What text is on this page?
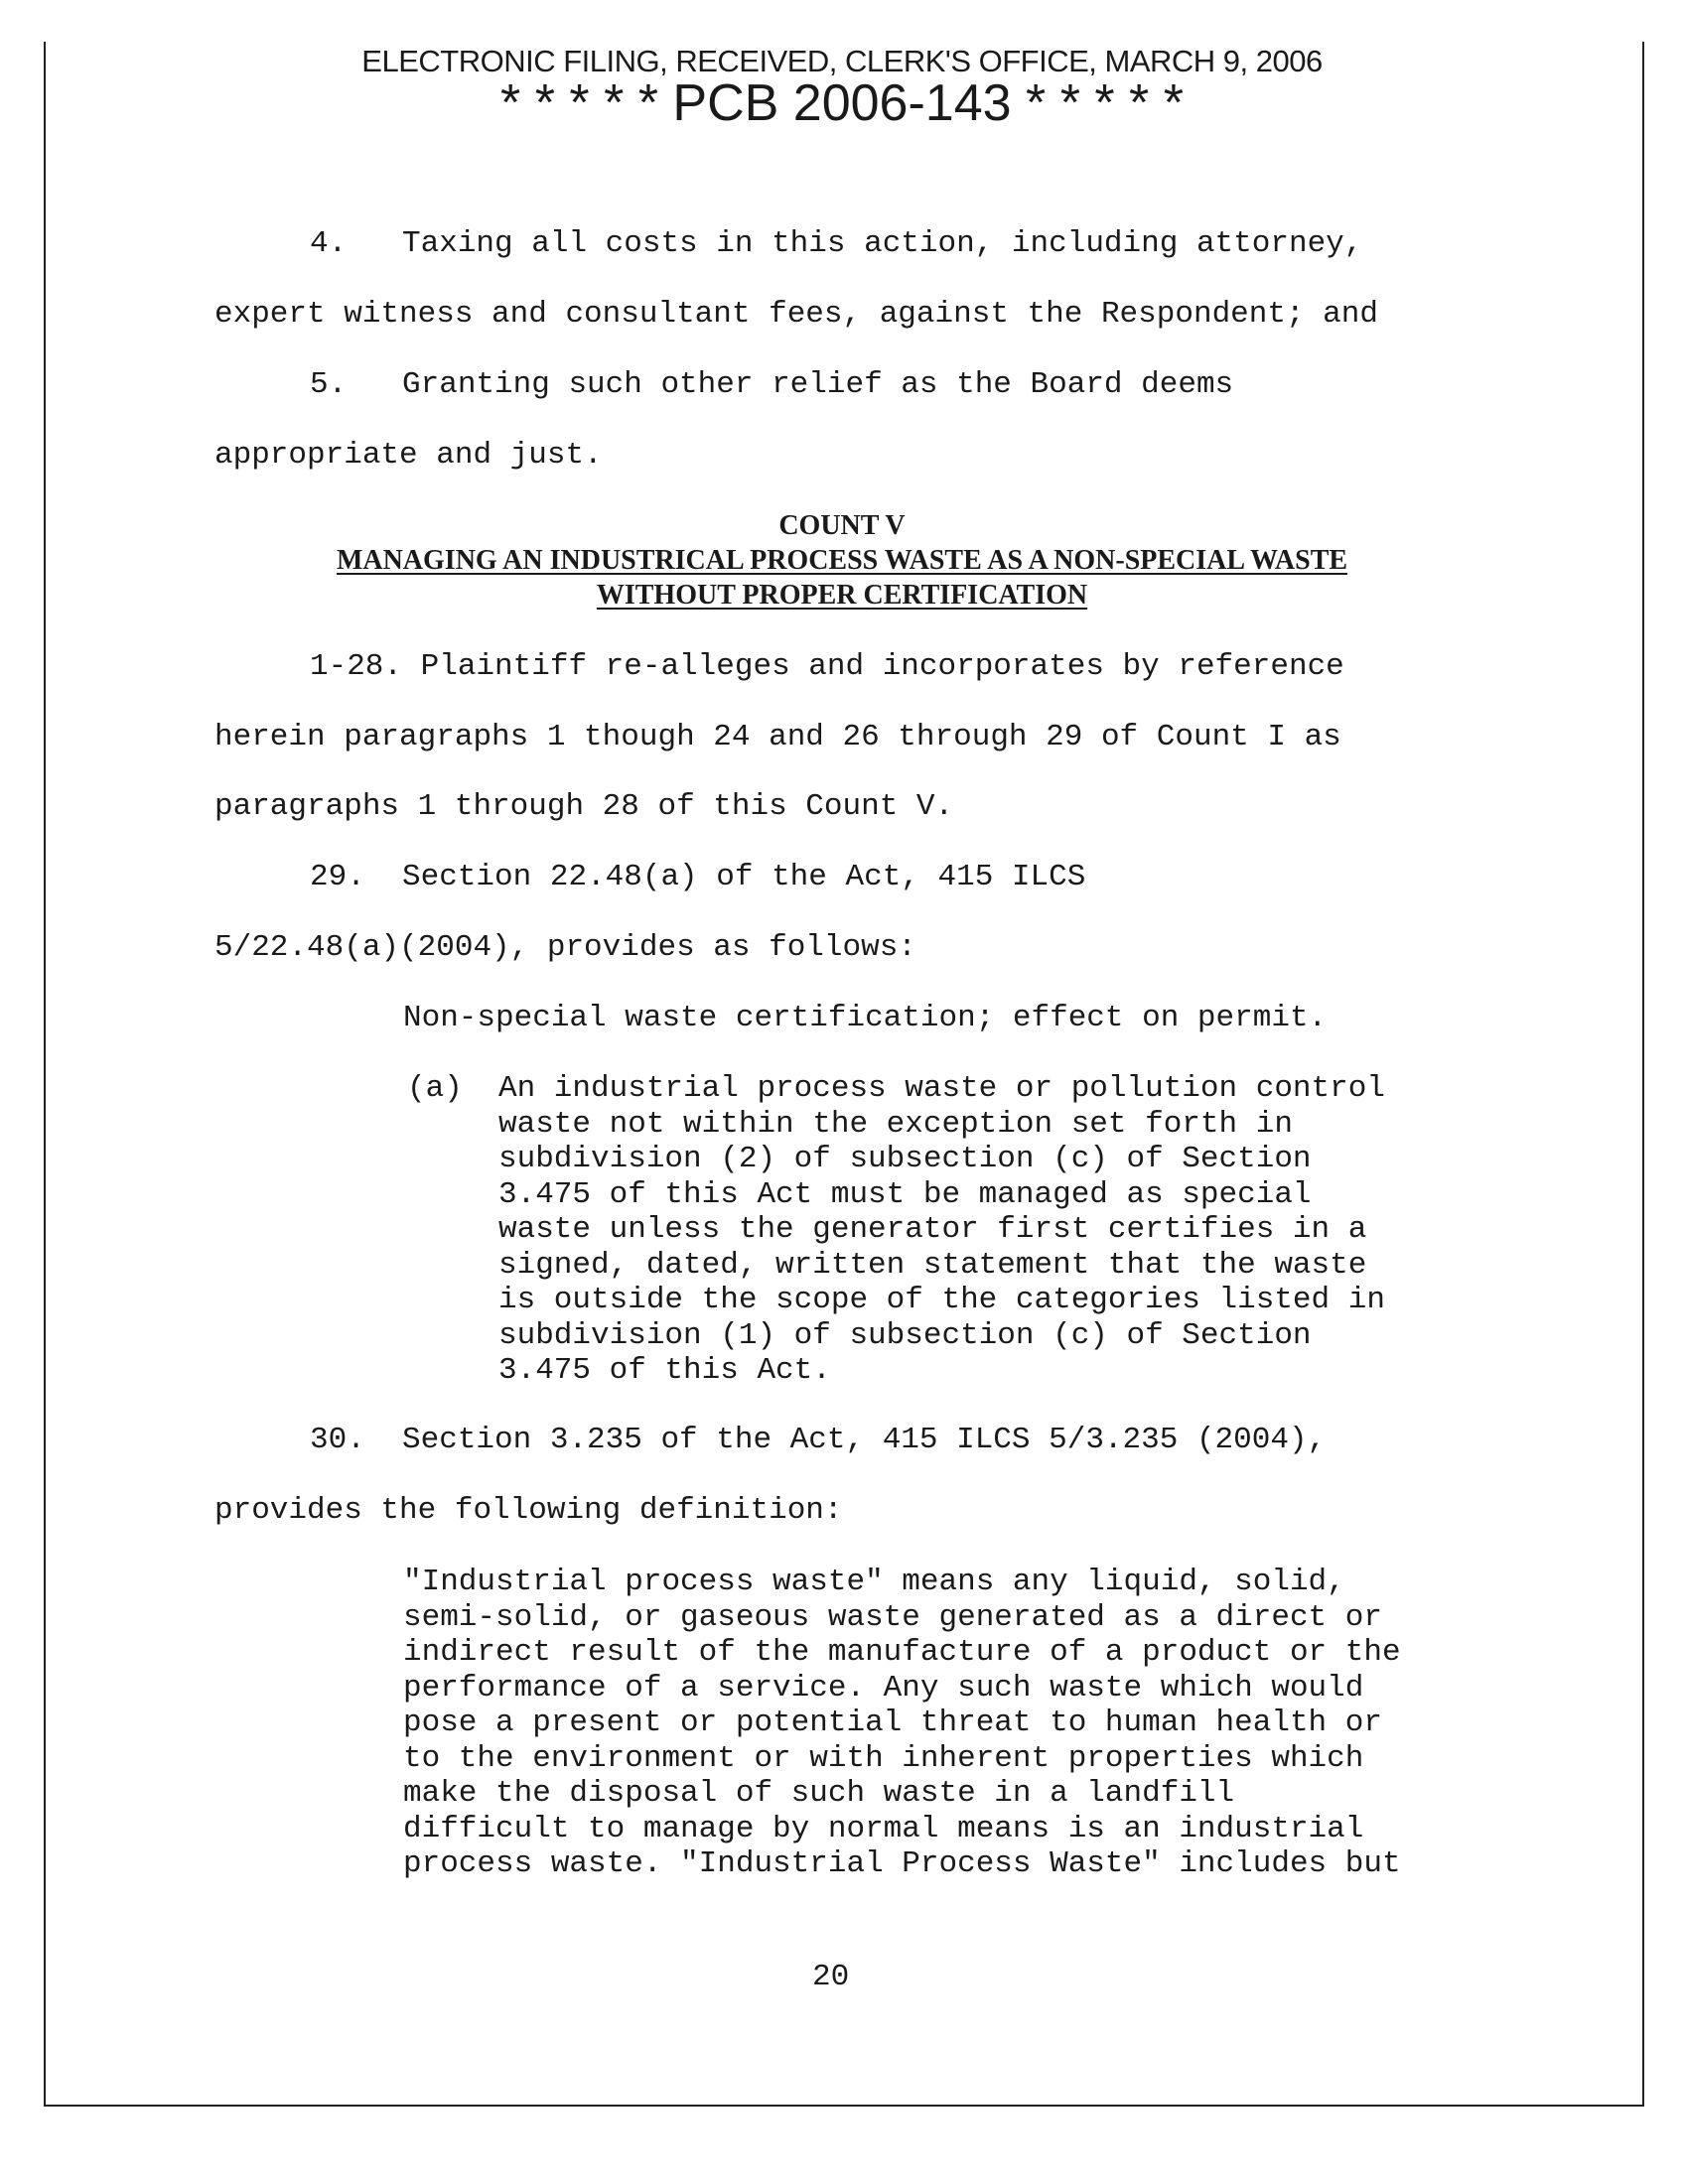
ELECTRONIC FILING, RECEIVED, CLERK'S OFFICE, MARCH 9, 2006
* * * * * PCB 2006-143 * * * * *
4.   Taxing all costs in this action, including attorney,
expert witness and consultant fees, against the Respondent; and
5.   Granting such other relief as the Board deems
appropriate and just.
COUNT V
MANAGING AN INDUSTRICAL PROCESS WASTE AS A NON-SPECIAL WASTE
WITHOUT PROPER CERTIFICATION
1-28. Plaintiff re-alleges and incorporates by reference
herein paragraphs 1 though 24 and 26 through 29 of Count I as
paragraphs 1 through 28 of this Count V.
29.  Section 22.48(a) of the Act, 415 ILCS
5/22.48(a)(2004), provides as follows:
Non-special waste certification; effect on permit.
(a) An industrial process waste or pollution control
waste not within the exception set forth in
subdivision (2) of subsection (c) of Section
3.475 of this Act must be managed as special
waste unless the generator first certifies in a
signed, dated, written statement that the waste
is outside the scope of the categories listed in
subdivision (1) of subsection (c) of Section
3.475 of this Act.
30.  Section 3.235 of the Act, 415 ILCS 5/3.235 (2004),
provides the following definition:
"Industrial process waste" means any liquid, solid,
semi-solid, or gaseous waste generated as a direct or
indirect result of the manufacture of a product or the
performance of a service. Any such waste which would
pose a present or potential threat to human health or
to the environment or with inherent properties which
make the disposal of such waste in a landfill
difficult to manage by normal means is an industrial
process waste. "Industrial Process Waste" includes but
20
